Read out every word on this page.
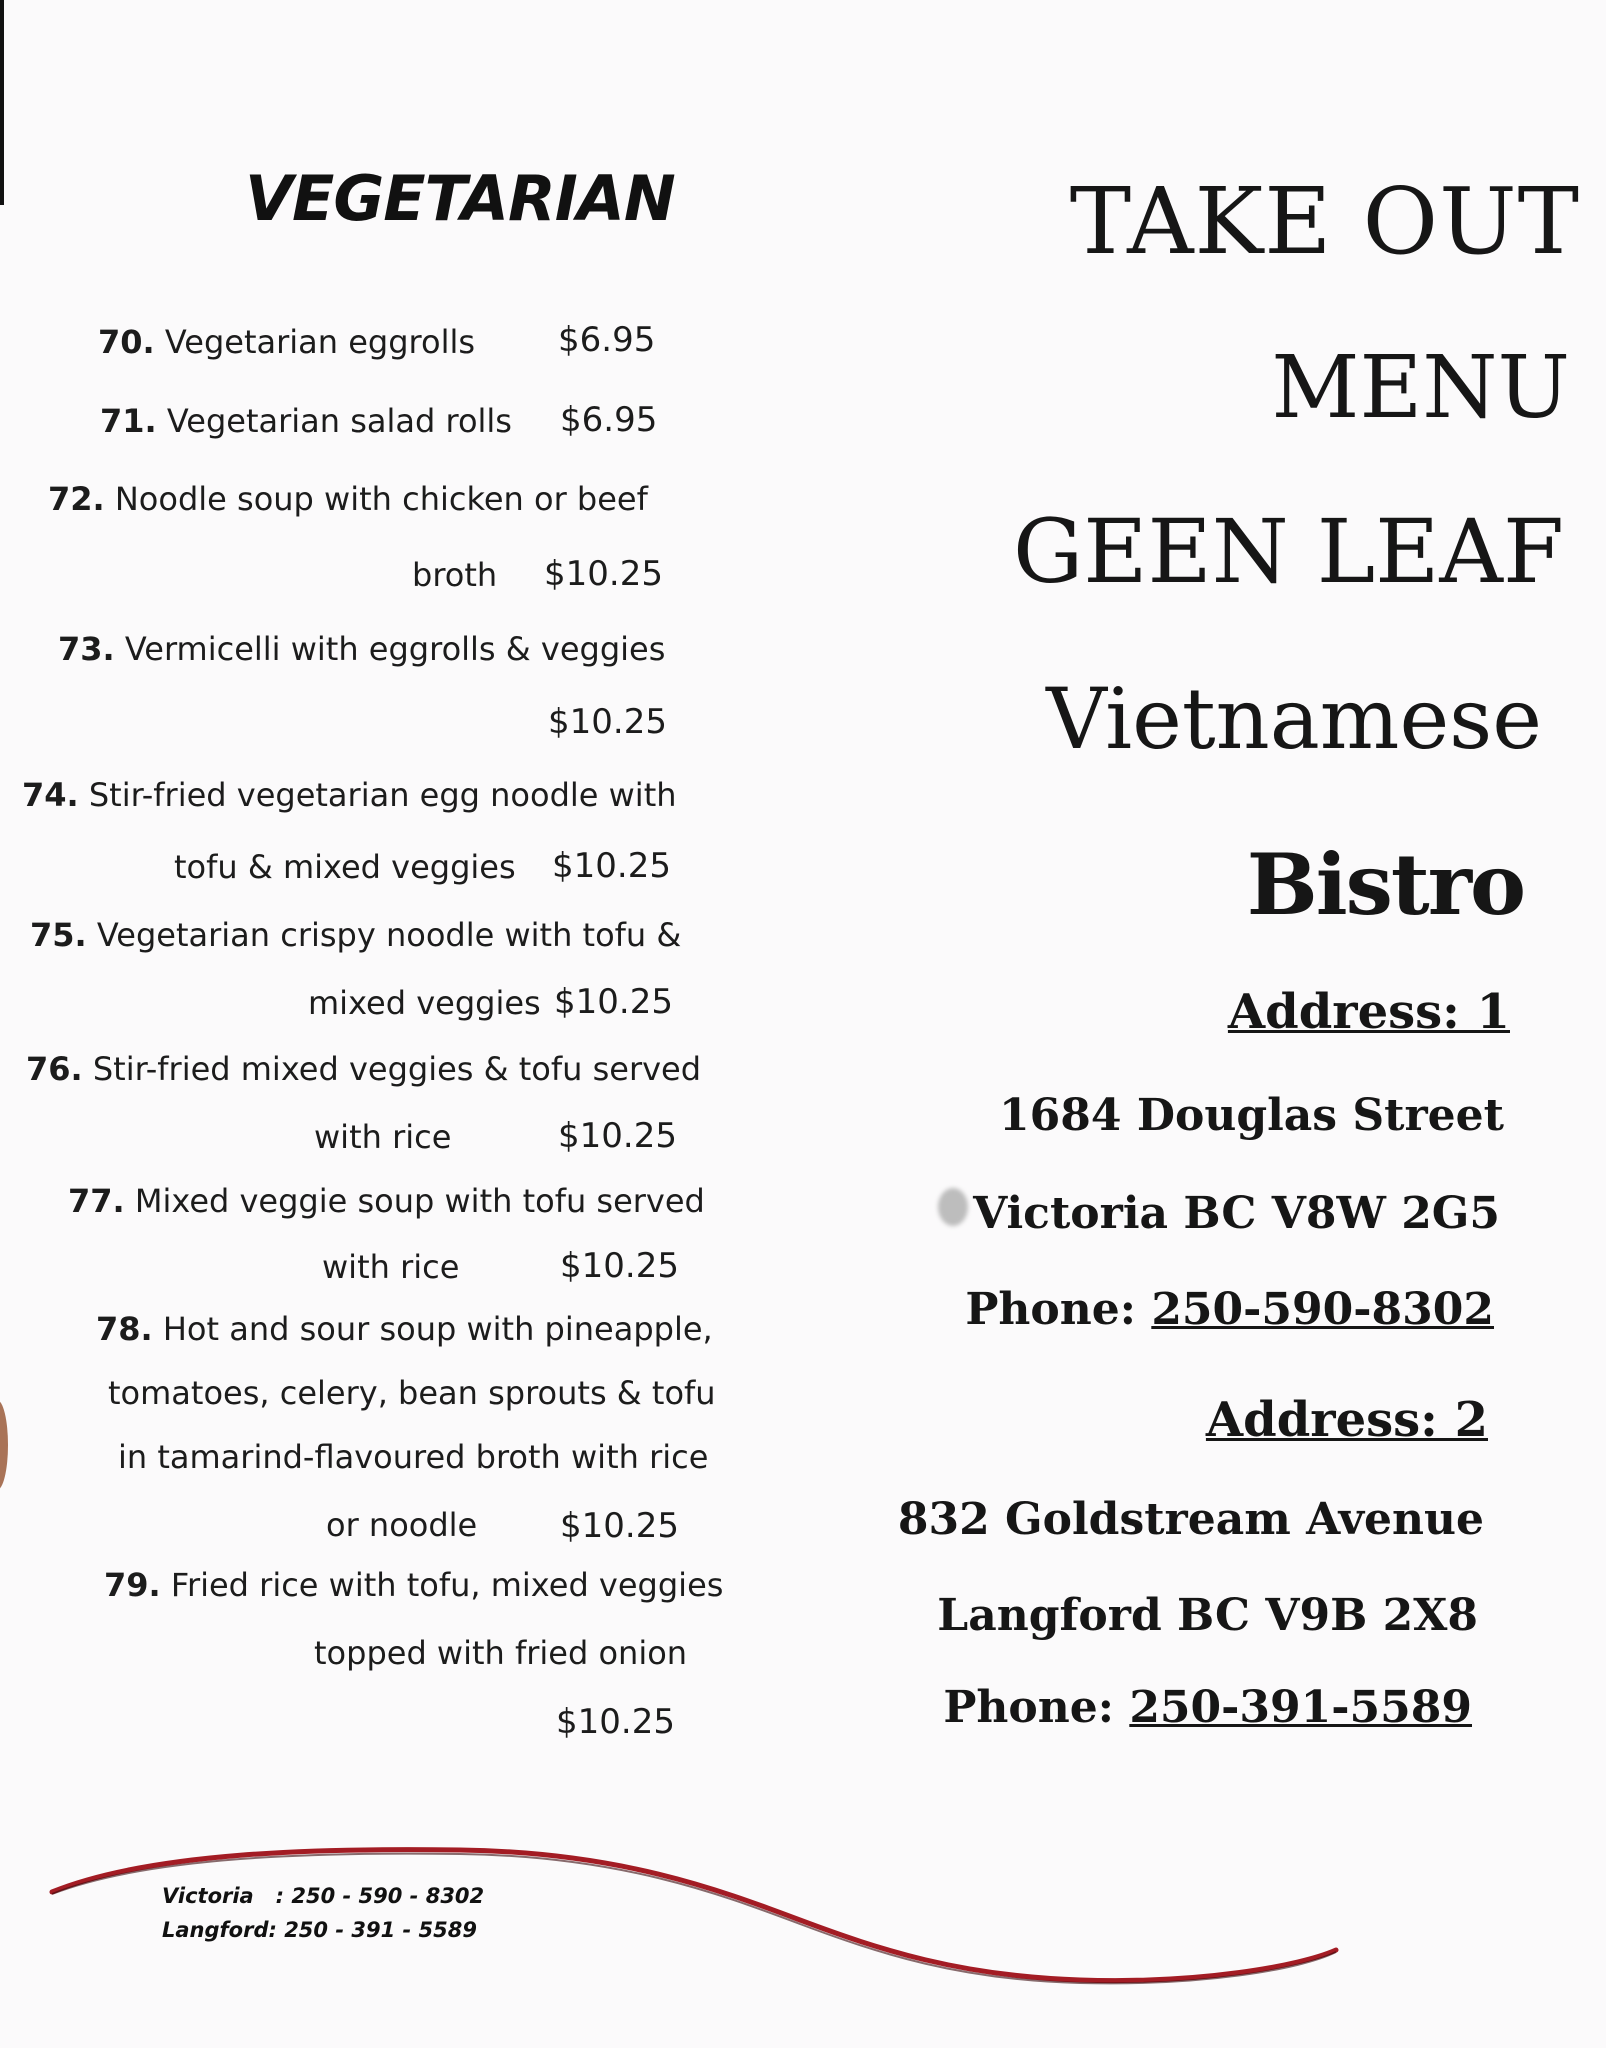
VEGETARIAN
70. Vegetarian eggrolls $6.95
71. Vegetarian salad rolls $6.95
72. Noodle soup with chicken or beef
broth $10.25
73. Vermicelli with eggrolls & veggies
$10.25
74. Stir-fried vegetarian egg noodle with
tofu & mixed veggies $10.25
75. Vegetarian crispy noodle with tofu &
mixed veggies $10.25
76. Stir-fried mixed veggies & tofu served
with rice	$10.25
77. Mixed veggie soup with tofu served
with rice	$10.25
78. Hot and sour soup with pineapple,
tomatoes, celery, bean sprouts & tofu
in tamarind-flavoured broth with rice
or noodle $10.25
79. Fried rice with tofu, mixed veggies
topped with fried onion
$10.25
TAKE OUT
MENU
GEEN LEAF
Vietnamese
Bistro
Address: 1
1684 Douglas Street
Victoria BC V8W 2G5
Phone: 250-590-8302
Address: 2
832 Goldstream Avenue
Langford BC V9B 2X8
Phone: 250-391-5589
Victoria   : 250 - 590 - 8302
Langford: 250 - 391 - 5589
